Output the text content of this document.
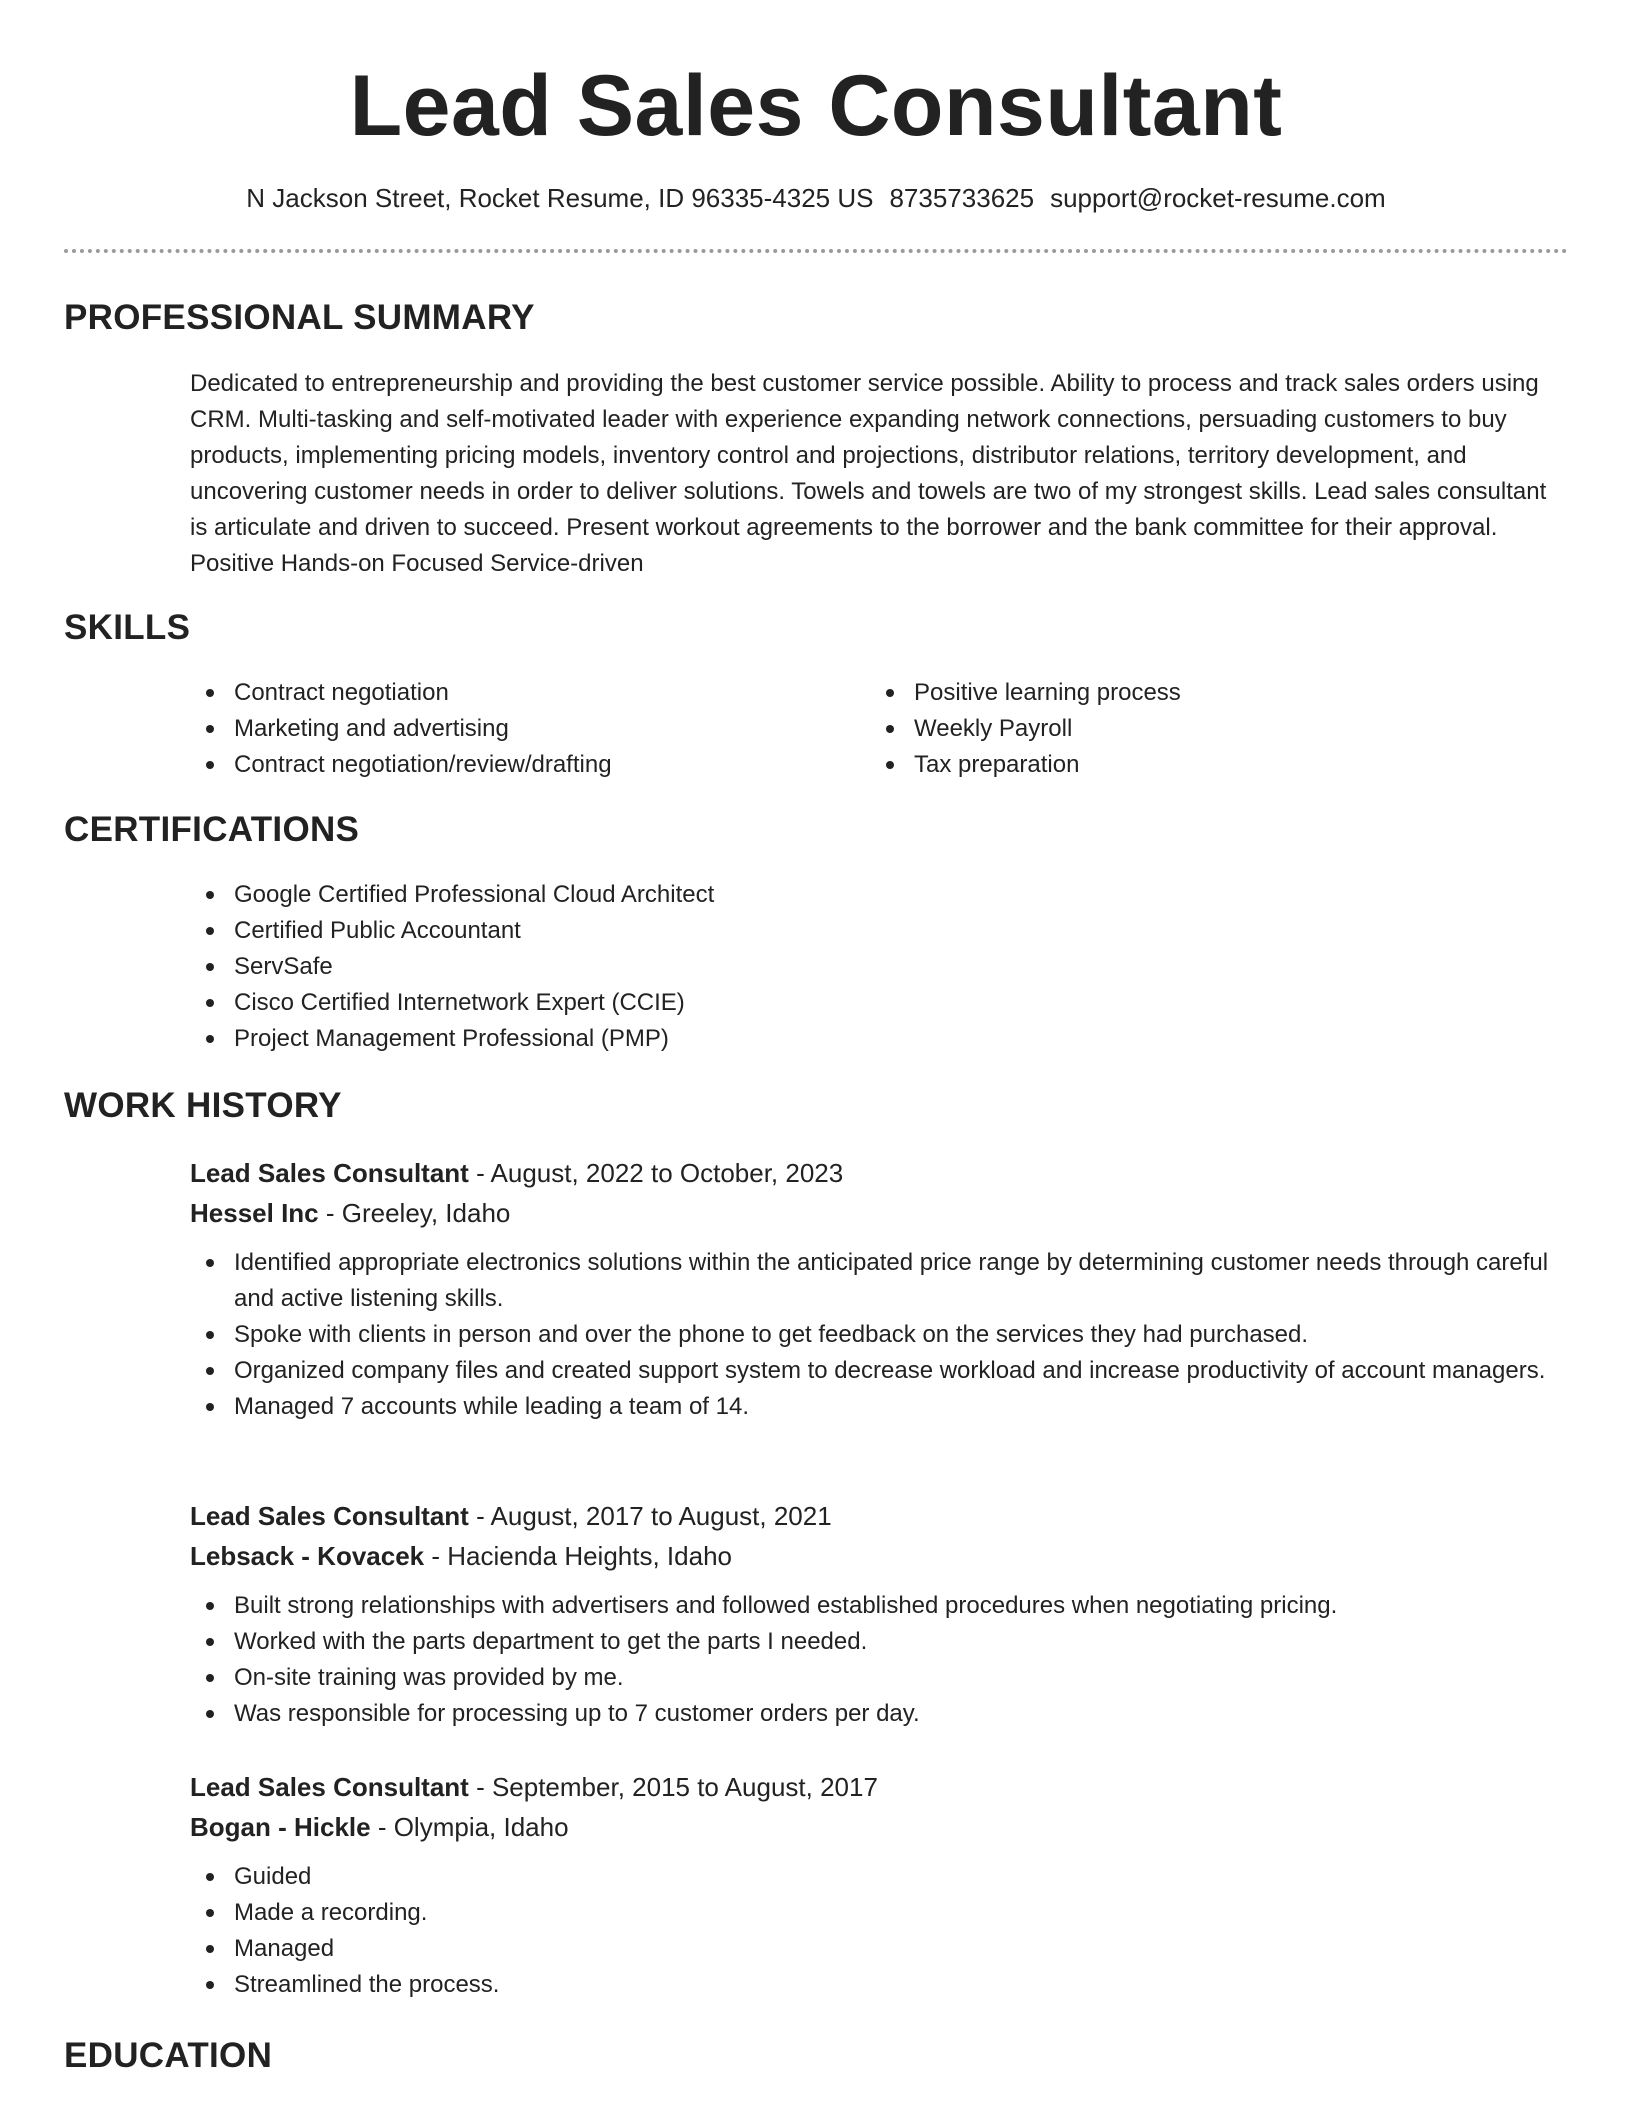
Lead Sales Consultant
N Jackson Street, Rocket Resume, ID 96335-4325 US 8735733625 support@rocket-resume.com
PROFESSIONAL SUMMARY

Dedicated to entrepreneurship and providing the best customer service possible. Ability to process and track sales orders using CRM. Multi-tasking and self-motivated leader with experience expanding network connections, persuading customers to buy products, implementing pricing models, inventory control and projections, distributor relations, territory development, and uncovering customer needs in order to deliver solutions. Towels and towels are two of my strongest skills. Lead sales consultant is articulate and driven to succeed. Present workout agreements to the borrower and the bank committee for their approval. Positive Hands-on Focused Service-driven

SKILLS
Contract negotiation
Marketing and advertising
Contract negotiation/review/drafting
Positive learning process
Weekly Payroll
Tax preparation
CERTIFICATIONS
Google Certified Professional Cloud Architect
Certified Public Accountant
ServSafe
Cisco Certified Internetwork Expert (CCIE)
Project Management Professional (PMP)
WORK HISTORY
Lead Sales Consultant - August, 2022 to October, 2023
Hessel Inc - Greeley, Idaho
Identified appropriate electronics solutions within the anticipated price range by determining customer needs through careful and active listening skills.
Spoke with clients in person and over the phone to get feedback on the services they had purchased.
Organized company files and created support system to decrease workload and increase productivity of account managers.
Managed 7 accounts while leading a team of 14.
Lead Sales Consultant - August, 2017 to August, 2021
Lebsack - Kovacek - Hacienda Heights, Idaho
Built strong relationships with advertisers and followed established procedures when negotiating pricing.
Worked with the parts department to get the parts I needed.
On-site training was provided by me.
Was responsible for processing up to 7 customer orders per day.
Lead Sales Consultant - September, 2015 to August, 2017
Bogan - Hickle - Olympia, Idaho
Guided
Made a recording.
Managed
Streamlined the process.
EDUCATION
